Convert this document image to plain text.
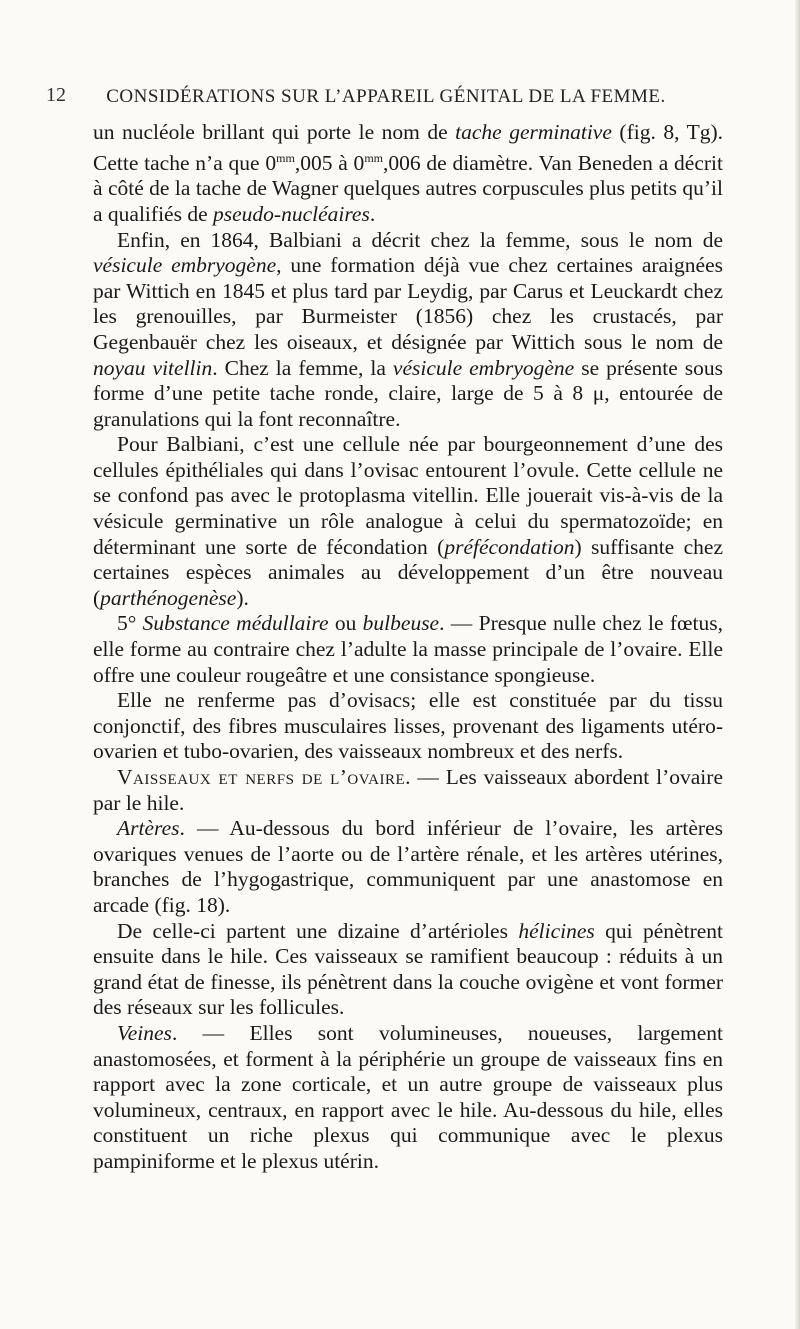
12	CONSIDÉRATIONS SUR L’APPAREIL GÉNITAL DE LA FEMME.

un nucléole brillant qui porte le nom de tache germinative (fig. 8, Tg). Cette tache n’a que $0^{mm},005$ à $0^{mm},006$ de diamètre. Van Beneden a décrit à côté de la tache de Wagner quelques autres corpuscules plus petits qu’il a qualifiés de pseudo-nucléaires.

Enfin, en 1864, Balbiani a décrit chez la femme, sous le nom de vésicule embryogène, une formation déjà vue chez certaines araignées par Wittich en 1845 et plus tard par Leydig, par Carus et Leuckardt chez les grenouilles, par Burmeister (1856) chez les crustacés, par Gegenbauër chez les oiseaux, et désignée par Wittich sous le nom de noyau vitellin. Chez la femme, la vésicule embryogène se présente sous forme d’une petite tache ronde, claire, large de 5 à 8 μ, entourée de granulations qui la font reconnaître.

Pour Balbiani, c’est une cellule née par bourgeonnement d’une des cellules épithéliales qui dans l’ovisac entourent l’ovule. Cette cellule ne se confond pas avec le protoplasma vitellin. Elle jouerait vis-à-vis de la vésicule germinative un rôle analogue à celui du spermatozoïde; en déterminant une sorte de fécondation (préfécondation) suffisante chez certaines espèces animales au développement d’un être nouveau (parthénogenèse).

5° Substance médullaire ou bulbeuse. — Presque nulle chez le fœtus, elle forme au contraire chez l’adulte la masse principale de l’ovaire. Elle offre une couleur rougeâtre et une consistance spongieuse.

Elle ne renferme pas d’ovisacs; elle est constituée par du tissu conjonctif, des fibres musculaires lisses, provenant des ligaments utéro-ovarien et tubo-ovarien, des vaisseaux nombreux et des nerfs.

Vaisseaux et nerfs de l’ovaire. — Les vaisseaux abordent l’ovaire par le hile.

Artères. — Au-dessous du bord inférieur de l’ovaire, les artères ovariques venues de l’aorte ou de l’artère rénale, et les artères utérines, branches de l’hygogastrique, communiquent par une anastomose en arcade (fig. 18).

De celle-ci partent une dizaine d’artérioles hélicines qui pénètrent ensuite dans le hile. Ces vaisseaux se ramifient beaucoup : réduits à un grand état de finesse, ils pénètrent dans la couche ovigène et vont former des réseaux sur les follicules.

Veines. — Elles sont volumineuses, noueuses, largement anastomosées, et forment à la périphérie un groupe de vaisseaux fins en rapport avec la zone corticale, et un autre groupe de vaisseaux plus volumineux, centraux, en rapport avec le hile. Au-dessous du hile, elles constituent un riche plexus qui communique avec le plexus pampiniforme et le plexus utérin.
